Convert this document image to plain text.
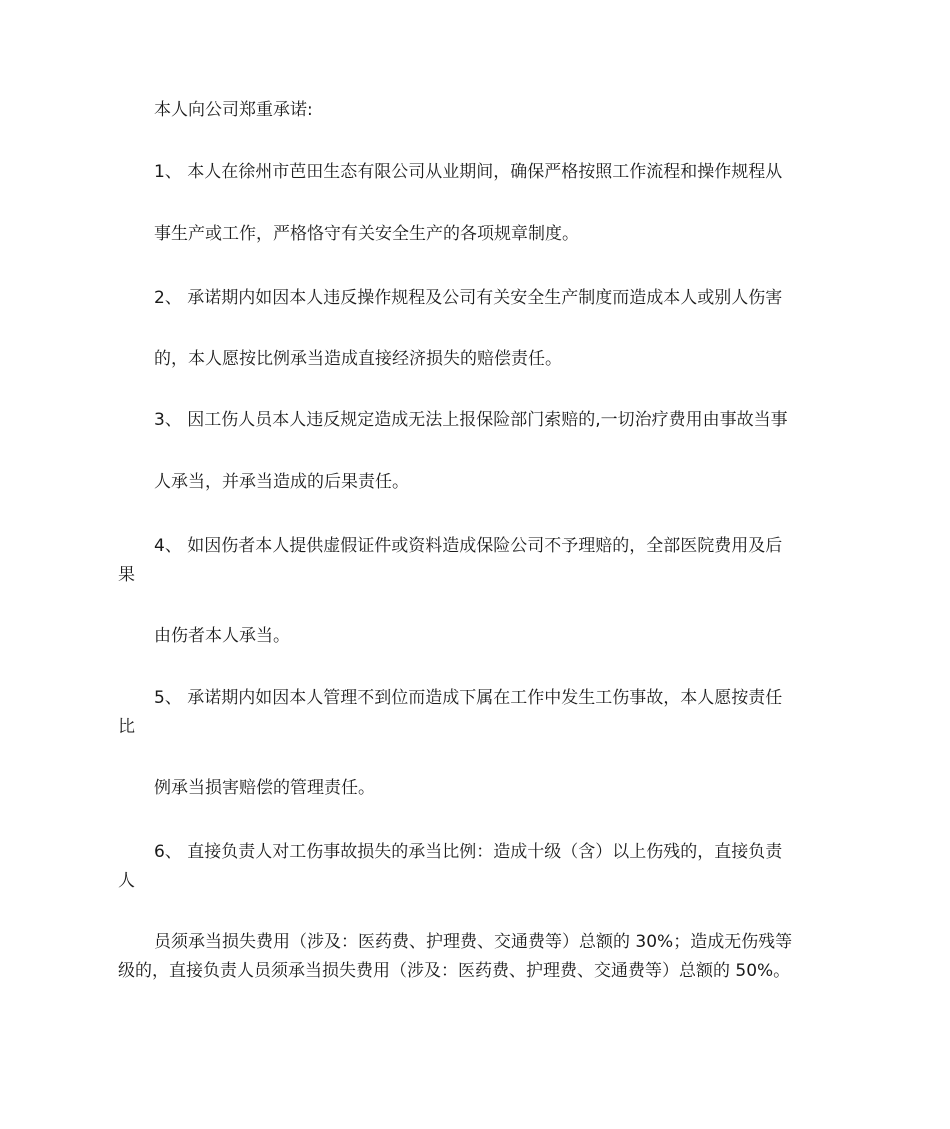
本人向公司郑重承诺:
1、 本人在徐州市芭田生态有限公司从业期间，确保严格按照工作流程和操作规程从
事生产或工作，严格恪守有关安全生产的各项规章制度。
2、 承诺期内如因本人违反操作规程及公司有关安全生产制度而造成本人或别人伤害
的，本人愿按比例承当造成直接经济损失的赔偿责任。
3、 因工伤人员本人违反规定造成无法上报保险部门索赔的,一切治疗费用由事故当事
人承当，并承当造成的后果责任。
4、 如因伤者本人提供虚假证件或资料造成保险公司不予理赔的，全部医院费用及后
果
由伤者本人承当。
5、 承诺期内如因本人管理不到位而造成下属在工作中发生工伤事故，本人愿按责任
比
例承当损害赔偿的管理责任。
6、 直接负责人对工伤事故损失的承当比例：造成十级（含）以上伤残的，直接负责
人
员须承当损失费用（涉及：医药费、护理费、交通费等）总额的 30%；造成无伤残等
级的，直接负责人员须承当损失费用（涉及：医药费、护理费、交通费等）总额的 50%。
